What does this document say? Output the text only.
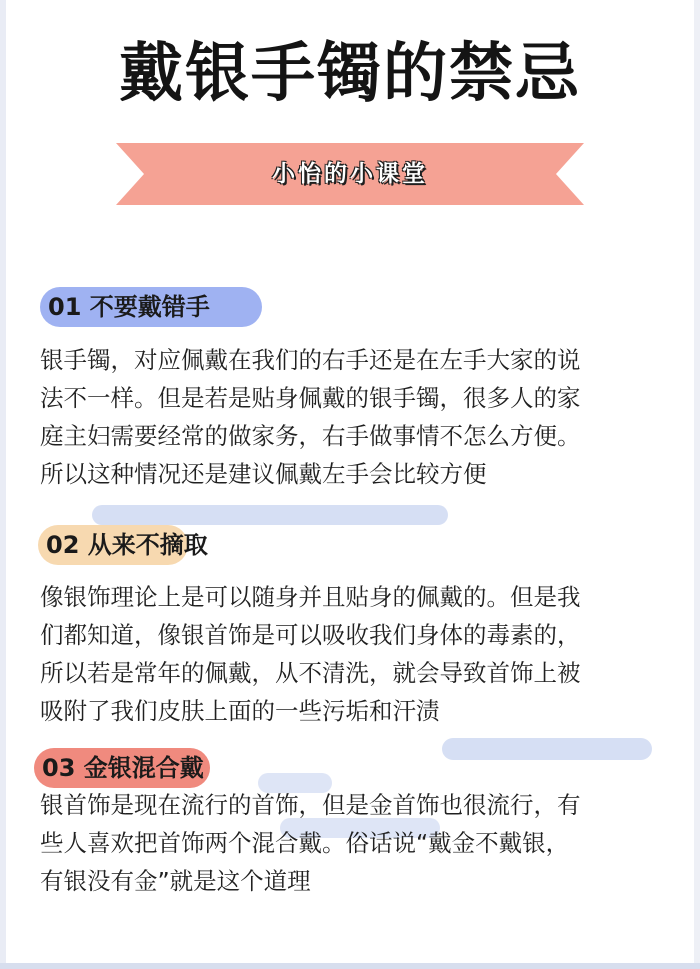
戴银手镯的禁忌
小怡的小课堂
01 不要戴错手

银手镯，对应佩戴在我们的右手还是在左手大家的说

法不一样。但是若是贴身佩戴的银手镯，很多人的家

庭主妇需要经常的做家务，右手做事情不怎么方便。

所以这种情况还是建议佩戴左手会比较方便

02 从来不摘取

像银饰理论上是可以随身并且贴身的佩戴的。但是我

们都知道，像银首饰是可以吸收我们身体的毒素的，

所以若是常年的佩戴，从不清洗，就会导致首饰上被

吸附了我们皮肤上面的一些污垢和汗渍

03 金银混合戴

银首饰是现在流行的首饰，但是金首饰也很流行，有

些人喜欢把首饰两个混合戴。俗话说“戴金不戴银，

有银没有金”就是这个道理
